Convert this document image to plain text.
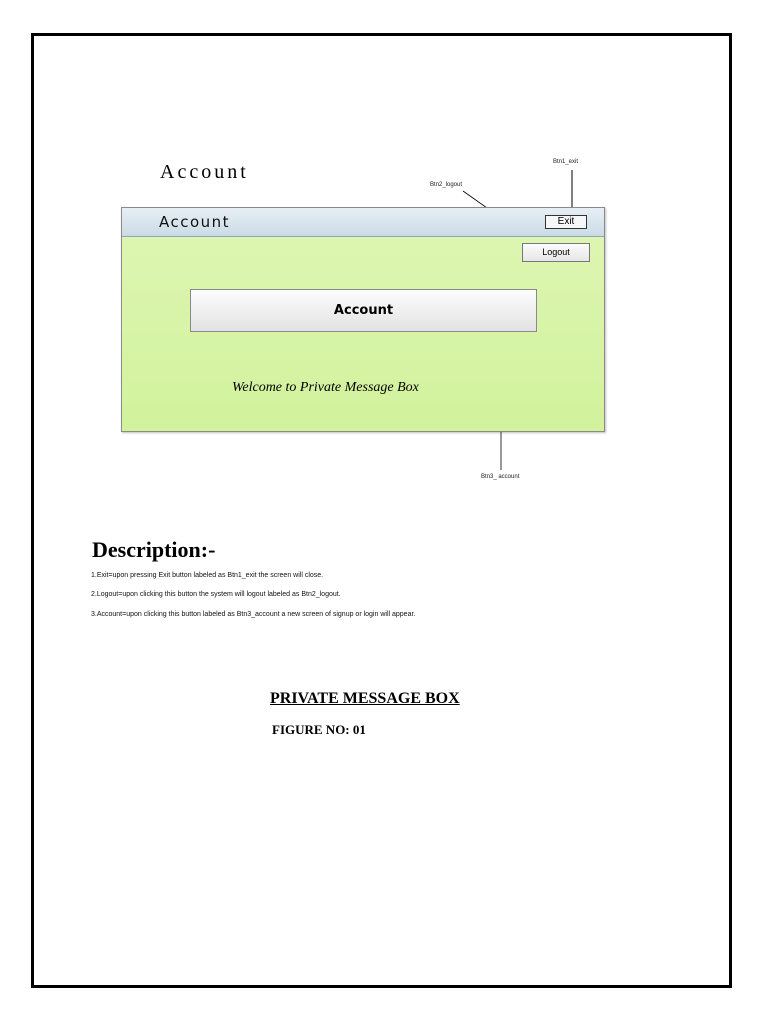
Account	Btn1_exit
Btn2_logout
Btn3_ account
Account	Exit
Logout
Account
Welcome to Private Message Box
Description:-
1.Exit=upon pressing Exit button labeled as Btn1_exit the screen will close.
2.Logout=upon clicking this button the system will logout labeled as Btn2_logout.
3.Account=upon clicking this button labeled as Btn3_account a new screen of signup or login will appear.
PRIVATE MESSAGE BOX
FIGURE NO: 01
